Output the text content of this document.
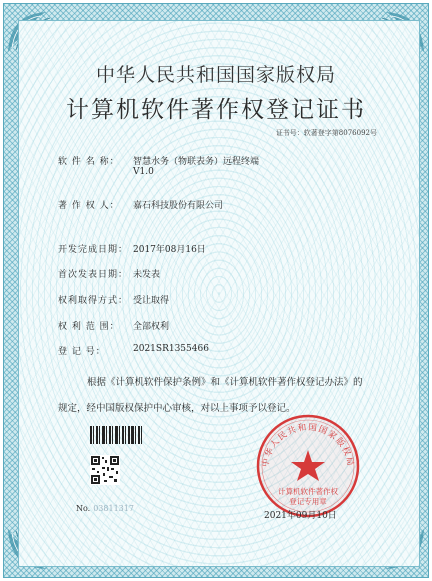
中华人民共和国国家版权局
计算机软件著作权登记证书
证书号：软著登字第8076092号
软 件 名 称： 智慧水务（物联表务）远程终端
V1.0
著 作 权 人： 嘉石科技股份有限公司
开发完成日期： 2017年08月16日
首次发表日期： 未发表
权利取得方式： 受让取得
权 利 范 围： 全部权利
登 记 号：	2021SR1355466
根据《计算机软件保护条例》和《计算机软件著作权登记办法》的
规定，经中国版权保护中心审核，对以上事项予以登记。
No. 03811317
中华人民共和国国家版权局
计算机软件著作权
登记专用章
2021年09月10日
